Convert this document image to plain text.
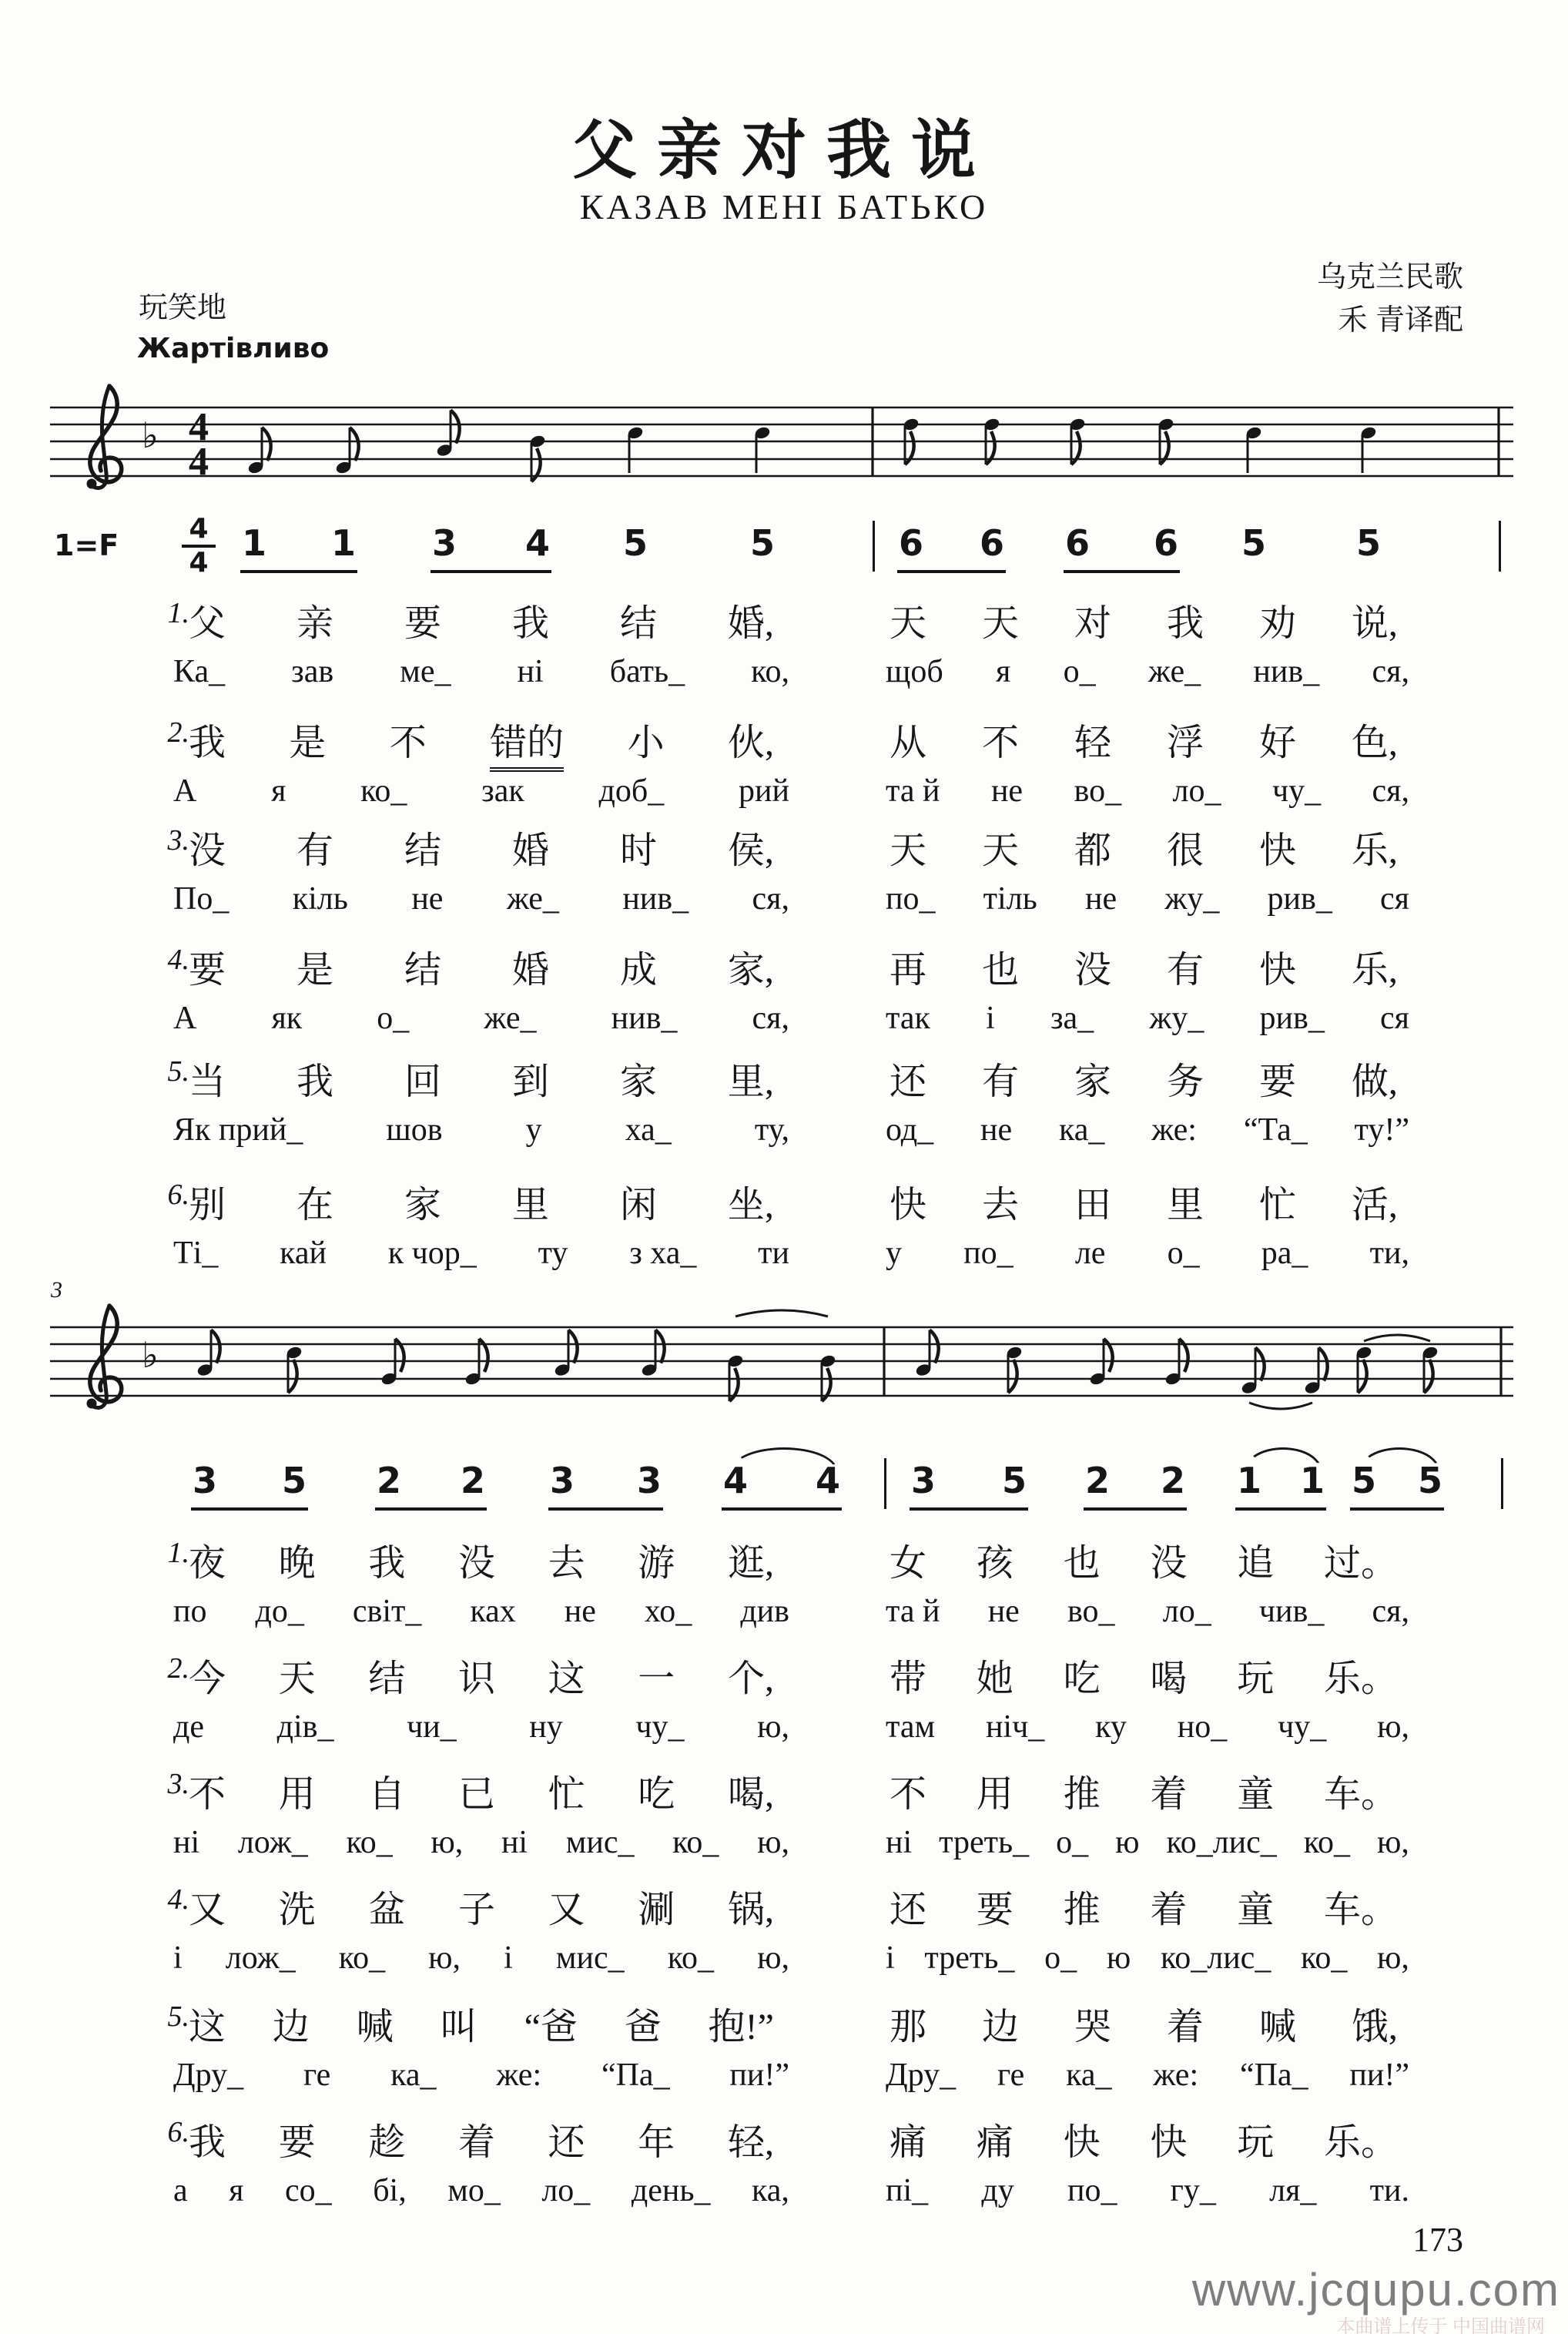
父亲对我说
КАЗАВ МЕНІ БАТЬКО
乌克兰民歌
禾 青译配
玩笑地
Жартівливо
♭ 4
4
1=F	4
4 1 1 3 4 5	5	6 6 6 6 5	5
1. 父 亲 要 我 结 婚,	天 天 对 我 劝 说,
Ка_ зав ме_ ні бать_ ко,	щоб я о_ же_ нив_ ся,
2. 我 是 不 错的 小 伙,	从 不 轻 浮 好 色,
А я ко_ зак доб_ рий	та й не во_ ло_ чу_ ся,
3. 没 有 结 婚 时 侯,	天 天 都 很 快 乐,
По_ кіль не же_ нив_ ся,	по_ тіль не жу_ рив_ ся
4. 要 是 结 婚 成 家,	再 也 没 有 快 乐,
А як о_ же_ нив_ ся,	так і за_ жу_ рив_ ся
5. 当 我 回 到 家 里,	还 有 家 务 要 做,
Як прий_	шов	у	ха_	ту,	од_ не ка_ же: “Та_ ту!”
6. 别 在 家 里 闲 坐,	快 去 田 里 忙 活,
Ті_ кай к чор_ ту з ха_ ти	у по_ ле о_ ра_ ти,
3
♭
3 5 2 2 3 3 4 4 3 5 2 2 1 1 5 5
1. 夜 晚 我 没 去 游 逛,	女 孩 也 没 追 过。
по до_ світ_ ках не хо_ див	та й не во_ ло_ чив_ ся,
2. 今 天 结 识 这 一 个,	带 她 吃 喝 玩 乐。
де дів_ чи_ ну чу_ ю,	там ніч_ ку но_ чу_ ю,
3. 不 用 自 已 忙 吃 喝,	不 用 推 着 童 车。
ні лож_ ко_ ю, ні мис_ ко_ ю,	ні треть_ о_ ю ко_лис_ ко_ ю,
4. 又 洗 盆 子 又 涮 锅,	还 要 推 着 童 车。
і лож_ ко_ ю, і мис_ ко_ ю,	і треть_ о_ ю ко_лис_ ко_ ю,
5. 这 边 喊 叫 “爸 爸 抱!”	那 边 哭 着 喊 饿,
Дру_ ге ка_ же: “Па_ пи!”	Дру_ ге ка_ же: “Па_ пи!”
6. 我 要 趁 着 还 年 轻,	痛 痛 快 快 玩 乐。
а я со_ бі, мо_ ло_ день_ ка,	пі_ ду по_ гу_ ля_ ти.
173
www.jcqupu.com
本曲谱上传于 中国曲谱网
